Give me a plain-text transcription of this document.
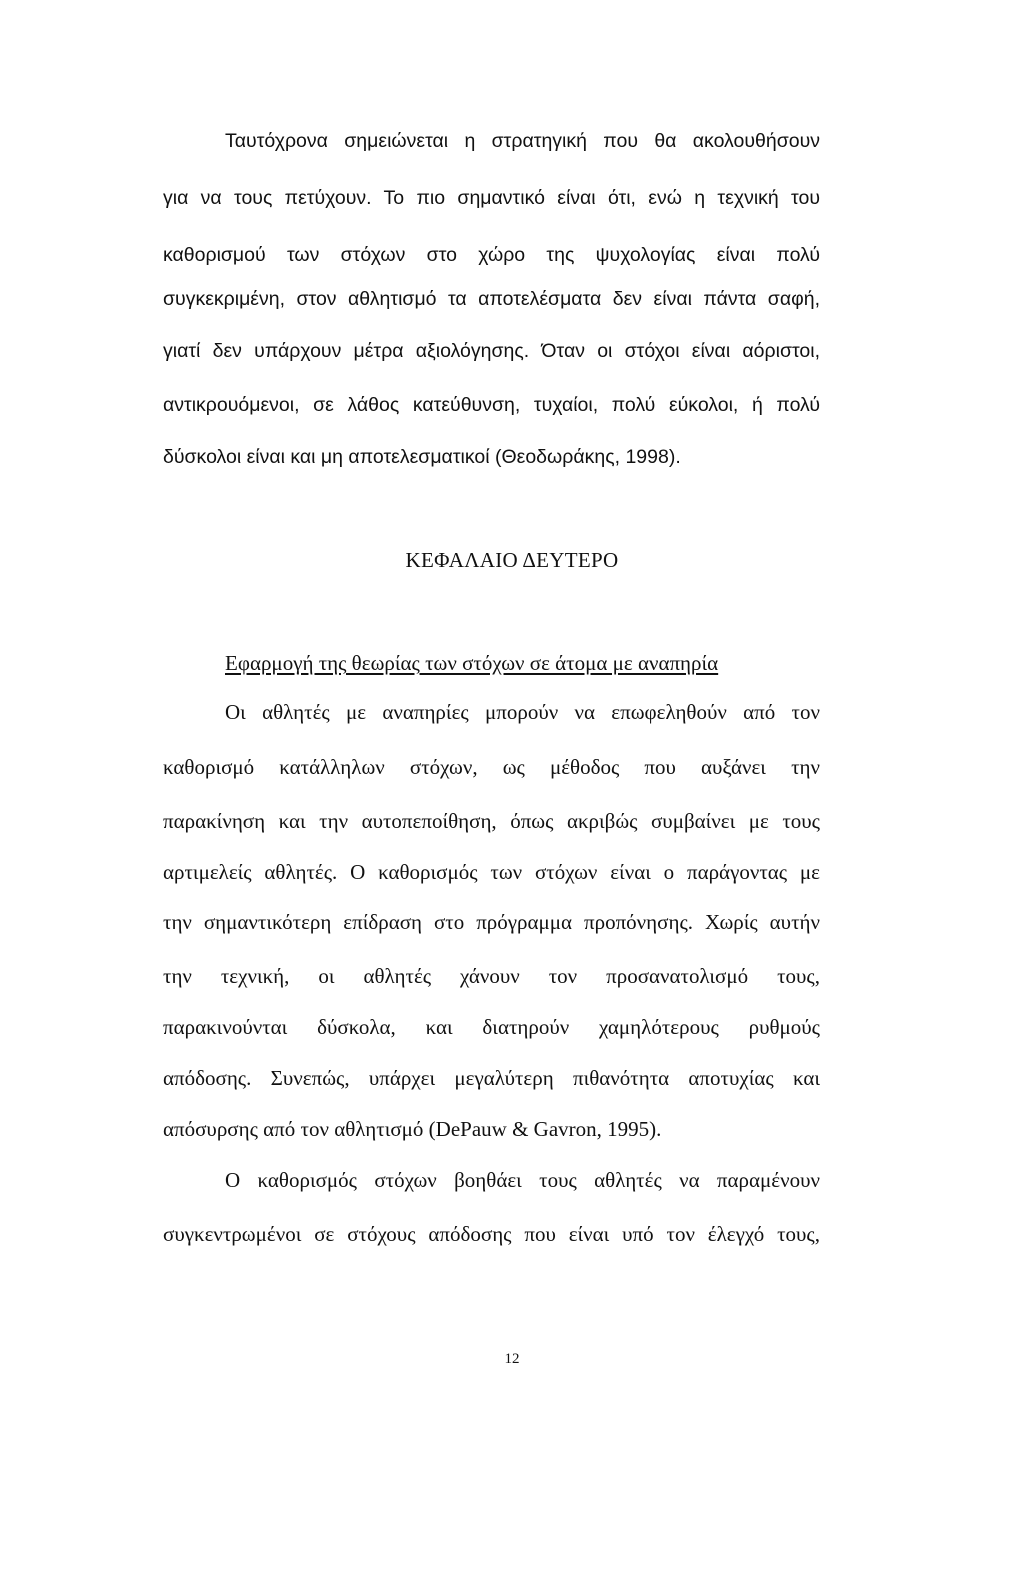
Ταυτόχρονα σημειώνεται η στρατηγική που θα ακολουθήσουν
για να τους πετύχουν. Το πιο σημαντικό είναι ότι, ενώ η τεχνική του
καθορισμού των στόχων στο χώρο της ψυχολογίας είναι πολύ
συγκεκριμένη, στον αθλητισμό τα αποτελέσματα δεν είναι πάντα σαφή,
γιατί δεν υπάρχουν μέτρα αξιολόγησης. Όταν οι στόχοι είναι αόριστοι,
αντικρουόμενοι, σε λάθος κατεύθυνση, τυχαίοι, πολύ εύκολοι, ή πολύ
δύσκολοι είναι και μη αποτελεσματικοί (Θεοδωράκης, 1998).
ΚΕΦΑΛΑΙΟ ΔΕΥΤΕΡΟ
Εφαρμογή της θεωρίας των στόχων σε άτομα με αναπηρία
Οι αθλητές με αναπηρίες μπορούν να επωφεληθούν από τον
καθορισμό κατάλληλων στόχων, ως μέθοδος που αυξάνει την
παρακίνηση και την αυτοπεποίθηση, όπως ακριβώς συμβαίνει με τους
αρτιμελείς αθλητές. Ο καθορισμός των στόχων είναι ο παράγοντας με
την σημαντικότερη επίδραση στο πρόγραμμα προπόνησης. Χωρίς αυτήν
την τεχνική, οι αθλητές χάνουν τον προσανατολισμό τους,
παρακινούνται δύσκολα, και διατηρούν χαμηλότερους ρυθμούς
απόδοσης. Συνεπώς, υπάρχει μεγαλύτερη πιθανότητα αποτυχίας και
απόσυρσης από τον αθλητισμό (DePauw & Gavron, 1995).
Ο καθορισμός στόχων βοηθάει τους αθλητές να παραμένουν
συγκεντρωμένοι σε στόχους απόδοσης που είναι υπό τον έλεγχό τους,
12
